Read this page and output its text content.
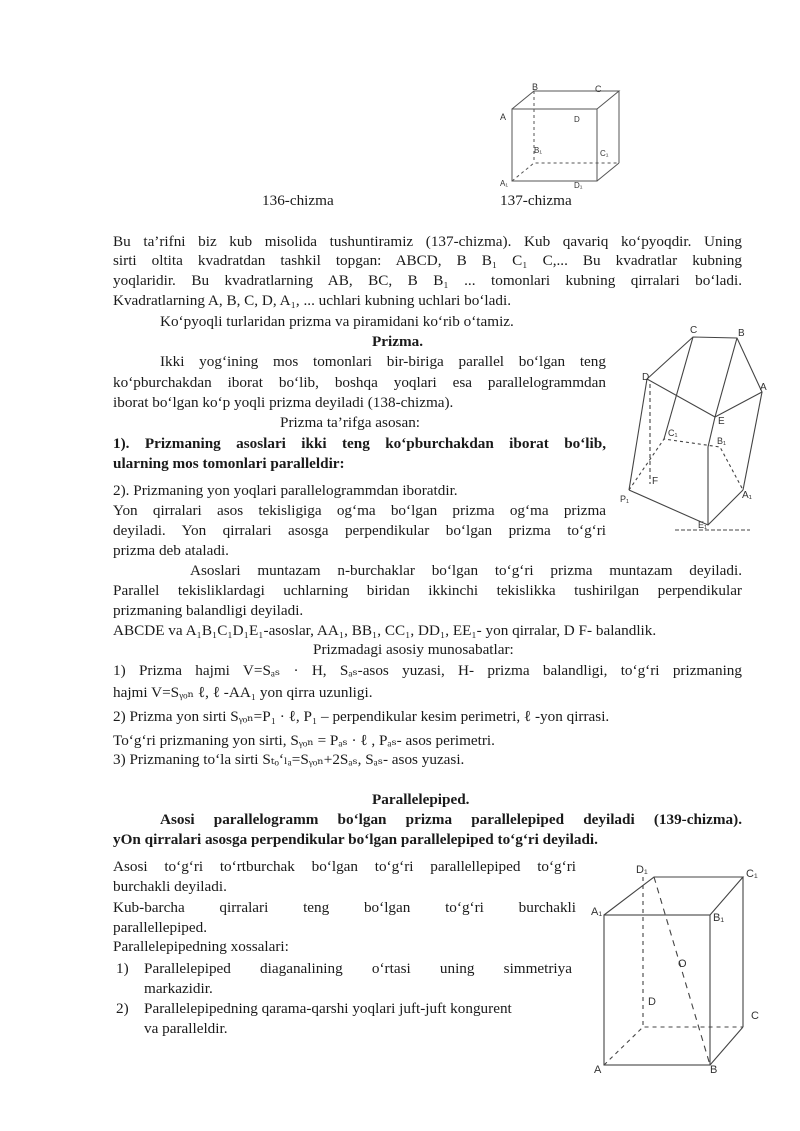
A
B	C
D
B₁	C₁
A₁	D₁
136-chizma	137-chizma
Bu ta’rifni biz kub misolida tushuntiramiz (137-chizma). Kub qavariq ko‘pyoqdir. Uning
sirti oltita kvadratdan tashkil topgan: ABCD, B B₁ C₁ C,... Bu kvadratlar kubning
yoqlaridir. Bu kvadratlarning AB, BC, B B₁ ... tomonlari kubning qirralari bo‘ladi.
Kvadratlarning A, B, C, D, A₁, ... uchlari kubning uchlari bo‘ladi.
Ko‘pyoqli turlaridan prizma va piramidani ko‘rib o‘tamiz.
Prizma.
Ikki yog‘ining mos tomonlari bir-biriga parallel bo‘lgan teng
ko‘pburchakdan iborat bo‘lib, boshqa yoqlari esa parallelogrammdan
iborat bo‘lgan ko‘p yoqli prizma deyiladi (138-chizma).
Prizma ta’rifga asosan:
1). Prizmaning asoslari ikki teng ko‘pburchakdan iborat bo‘lib,
ularning mos tomonlari paralleldir:
2). Prizmaning yon yoqlari parallelogrammdan iboratdir.
Yon qirralari asos tekisligiga og‘ma bo‘lgan prizma og‘ma prizma
deyiladi. Yon qirralari asosga perpendikular bo‘lgan prizma to‘g‘ri
prizma deb ataladi.
C	B
A
D
E
C₁
B₁
F
P₁	A₁
E₁
Asoslari muntazam n-burchaklar bo‘lgan to‘g‘ri prizma muntazam deyiladi.
Parallel tekisliklardagi uchlarning biridan ikkinchi tekislikka tushirilgan perpendikular
prizmaning balandligi deyiladi.
ABCDE va A₁B₁C₁D₁E₁-asoslar, AA₁, BB₁, CC₁, DD₁, EE₁- yon qirralar, D F- balandlik.
Prizmadagi asosiy munosabatlar:
1) Prizma hajmi V=Sₐₛ · H, Sₐₛ-asos yuzasi, H- prizma balandligi, to‘g‘ri prizmaning
hajmi V=Sᵧₒₙ ℓ, ℓ -AA₁ yon qirra uzunligi.
2) Prizma yon sirti Sᵧₒₙ=P₁ · ℓ, P₁ – perpendikular kesim perimetri, ℓ -yon qirrasi.
To‘g‘ri prizmaning yon sirti, Sᵧₒₙ = Pₐₛ · ℓ , Pₐₛ- asos perimetri.
3) Prizmaning to‘la sirti Sₜₒ‘ₗₐ=Sᵧₒₙ+2Sₐₛ, Sₐₛ- asos yuzasi.
Parallelepiped.
Asosi parallelogramm bo‘lgan prizma parallelepiped deyiladi (139-chizma).
yOn qirralari asosga perpendikular bo‘lgan parallelepiped to‘g‘ri deyiladi.
Asosi to‘g‘ri to‘rtburchak bo‘lgan to‘g‘ri parallellepiped to‘g‘ri
burchakli deyiladi.
Kub-barcha qirralari teng bo‘lgan to‘g‘ri burchakli
parallellepiped.
Parallelepipedning xossalari:
1) Parallelepiped diaganalining o‘rtasi uning simmetriya
markazidir.
2) Parallelepipedning qarama-qarshi yoqlari juft-juft kongurent
va paralleldir.
D₁	C₁
A₁	B₁
O
D
C
A	B
